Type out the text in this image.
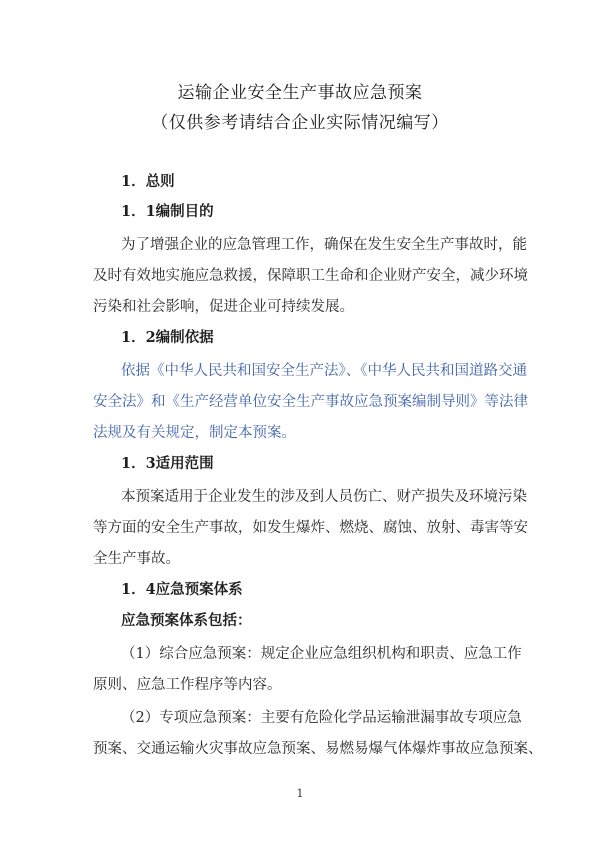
运输企业安全生产事故应急预案
（仅供参考请结合企业实际情况编写）
1．总则
1．1编制目的
为了增强企业的应急管理工作，确保在发生安全生产事故时，能
及时有效地实施应急救援，保障职工生命和企业财产安全，减少环境
污染和社会影响，促进企业可持续发展。
1．2编制依据
依据《中华人民共和国安全生产法》、《中华人民共和国道路交通
安全法》和《生产经营单位安全生产事故应急预案编制导则》等法律
法规及有关规定，制定本预案。
1．3适用范围
本预案适用于企业发生的涉及到人员伤亡、财产损失及环境污染
等方面的安全生产事故，如发生爆炸、燃烧、腐蚀、放射、毒害等安
全生产事故。
1．4应急预案体系
应急预案体系包括：
（1）综合应急预案：规定企业应急组织机构和职责、应急工作
原则、应急工作程序等内容。
（2）专项应急预案：主要有危险化学品运输泄漏事故专项应急
预案、交通运输火灾事故应急预案、易燃易爆气体爆炸事故应急预案、
1
